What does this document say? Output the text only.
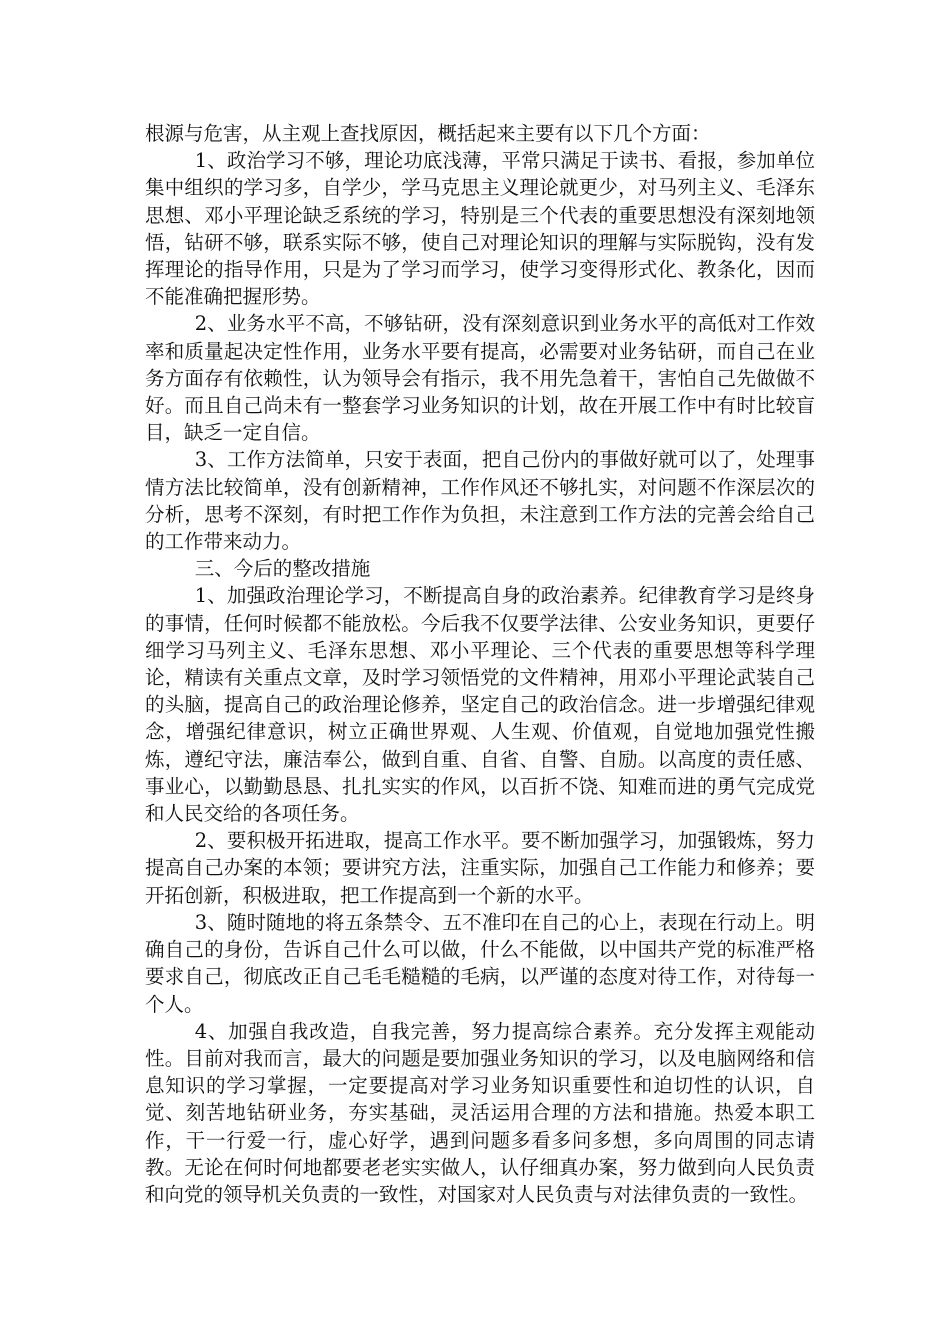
根源与危害，从主观上查找原因，概括起来主要有以下几个方面：

1、政治学习不够，理论功底浅薄，平常只满足于读书、看报，参加单位集中组织的学习多，自学少，学马克思主义理论就更少，对马列主义、毛泽东思想、邓小平理论缺乏系统的学习，特别是三个代表的重要思想没有深刻地领悟，钻研不够，联系实际不够，使自己对理论知识的理解与实际脱钩，没有发挥理论的指导作用，只是为了学习而学习，使学习变得形式化、教条化，因而不能准确把握形势。

2、业务水平不高，不够钻研，没有深刻意识到业务水平的高低对工作效率和质量起决定性作用，业务水平要有提高，必需要对业务钻研，而自己在业务方面存有依赖性，认为领导会有指示，我不用先急着干，害怕自己先做做不好。而且自己尚未有一整套学习业务知识的计划，故在开展工作中有时比较盲目，缺乏一定自信。

3、工作方法简单，只安于表面，把自己份内的事做好就可以了，处理事情方法比较简单，没有创新精神，工作作风还不够扎实，对问题不作深层次的分析，思考不深刻，有时把工作作为负担，未注意到工作方法的完善会给自己的工作带来动力。

三、今后的整改措施

1、加强政治理论学习，不断提高自身的政治素养。纪律教育学习是终身的事情，任何时候都不能放松。今后我不仅要学法律、公安业务知识，更要仔细学习马列主义、毛泽东思想、邓小平理论、三个代表的重要思想等科学理论，精读有关重点文章，及时学习领悟党的文件精神，用邓小平理论武装自己的头脑，提高自己的政治理论修养，坚定自己的政治信念。进一步增强纪律观念，增强纪律意识，树立正确世界观、人生观、价值观，自觉地加强党性搬炼，遵纪守法，廉洁奉公，做到自重、自省、自警、自励。以高度的责任感、事业心，以勤勤恳恳、扎扎实实的作风，以百折不饶、知难而进的勇气完成党和人民交给的各项任务。

2、要积极开拓进取，提高工作水平。要不断加强学习，加强锻炼，努力提高自己办案的本领；要讲究方法，注重实际，加强自己工作能力和修养；要开拓创新，积极进取，把工作提高到一个新的水平。

3、随时随地的将五条禁令、五不准印在自己的心上，表现在行动上。明确自己的身份，告诉自己什么可以做，什么不能做，以中国共产党的标准严格要求自己，彻底改正自己毛毛糙糙的毛病，以严谨的态度对待工作，对待每一个人。

4、加强自我改造，自我完善，努力提高综合素养。充分发挥主观能动性。目前对我而言，最大的问题是要加强业务知识的学习，以及电脑网络和信息知识的学习掌握，一定要提高对学习业务知识重要性和迫切性的认识，自觉、刻苦地钻研业务，夯实基础，灵活运用合理的方法和措施。热爱本职工作，干一行爱一行，虚心好学，遇到问题多看多问多想，多向周围的同志请教。无论在何时何地都要老老实实做人，认仔细真办案，努力做到向人民负责和向党的领导机关负责的一致性，对国家对人民负责与对法律负责的一致性。
